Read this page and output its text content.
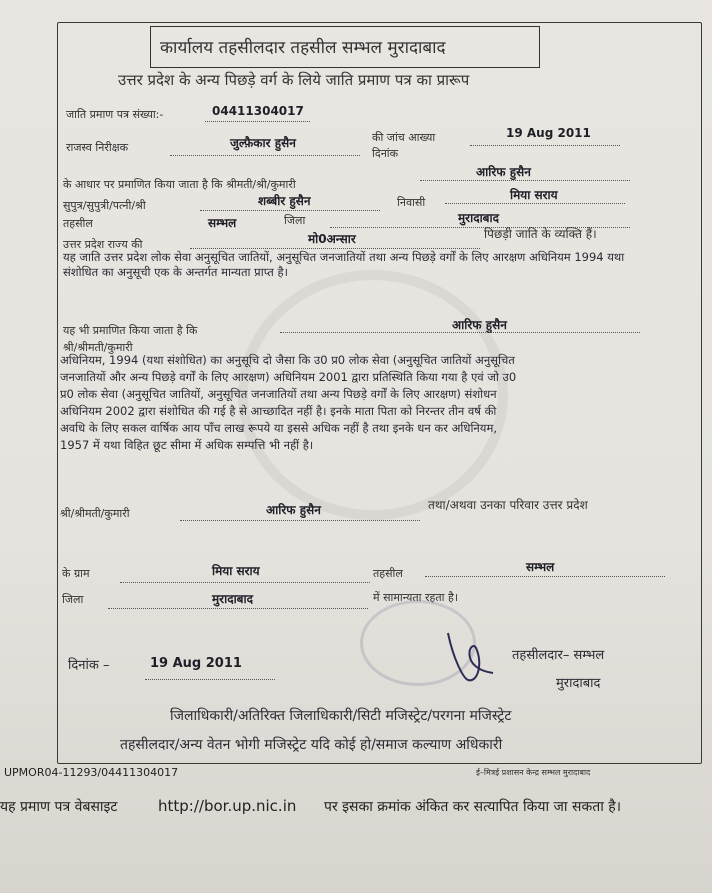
कार्यालय तहसीलदार तहसील सम्भल मुरादाबाद
उत्तर प्रदेश के अन्य पिछड़े वर्ग के लिये जाति प्रमाण पत्र का प्रारूप
जाति प्रमाण पत्र संख्या:-	04411304017
राजस्व निरीक्षक	जुल्फ़ैकार हुसैन	की जांच आख्या
दिनांक
19 Aug 2011
के आधार पर प्रमाणित किया जाता है कि श्रीमती/श्री/कुमारी
आरिफ हुसैन
सुपुत्र/सुपुत्री/पत्नी/श्री	शब्बीर हुसैन	निवासी
मिया सराय
तहसील	सम्भल	जिला	मुरादाबाद
उत्तर प्रदेश राज्य की	मो0अन्सार	पिछड़ी जाति के व्यक्ति हैं।
यह जाति उत्तर प्रदेश लोक सेवा अनुसूचित जातियों, अनुसूचित जनजातियों तथा अन्य पिछड़े वर्गों के लिए आरक्षण अधिनियम 1994 यथा संशोधित का अनुसूची एक के अन्तर्गत मान्यता प्राप्त है।
यह भी प्रमाणित किया जाता है कि	आरिफ हुसैन
श्री/श्रीमती/कुमारी
अधिनियम, 1994 (यथा संशोधित) का अनुसूचि दो जैसा कि उ0 प्र0 लोक सेवा (अनुसूचित जातियों अनुसूचित
जनजातियों और अन्य पिछड़े वर्गों के लिए आरक्षण) अधिनियम 2001 द्वारा प्रतिस्थिति किया गया है एवं जो उ0
प्र0 लोक सेवा (अनुसूचित जातियों, अनुसूचित जनजातियों तथा अन्य पिछड़े वर्गों के लिए आरक्षण) संशोधन
अधिनियम 2002 द्वारा संशोधित की गई है से आच्छादित नहीं है। इनके माता पिता को निरन्तर तीन वर्ष की
अवधि के लिए सकल वार्षिक आय पाँच लाख रूपये या इससे अधिक नहीं है तथा इनके धन कर अधिनियम,
1957 में यथा विहित छूट सीमा में अधिक सम्पत्ति भी नहीं है।
श्री/श्रीमती/कुमारी	आरिफ हुसैन	तथा/अथवा उनका परिवार उत्तर प्रदेश
के ग्राम	मिया सराय	तहसील	सम्भल
जिला	मुरादाबाद	में सामान्यता रहता है।
दिनांक –	19 Aug 2011
तहसीलदार– सम्भल
मुरादाबाद
जिलाधिकारी/अतिरिक्त जिलाधिकारी/सिटी मजिस्ट्रेट/परगना मजिस्ट्रेट
तहसीलदार/अन्य वेतन भोगी मजिस्ट्रेट यदि कोई हो/समाज कल्याण अधिकारी
UPMOR04-11293/04411304017	ई–मित्रई प्रशासन केन्द्र सम्भल मुरादाबाद
यह प्रमाण पत्र वेबसाइट	http://bor.up.nic.in पर इसका क्रमांक अंकित कर सत्यापित किया जा सकता है।
